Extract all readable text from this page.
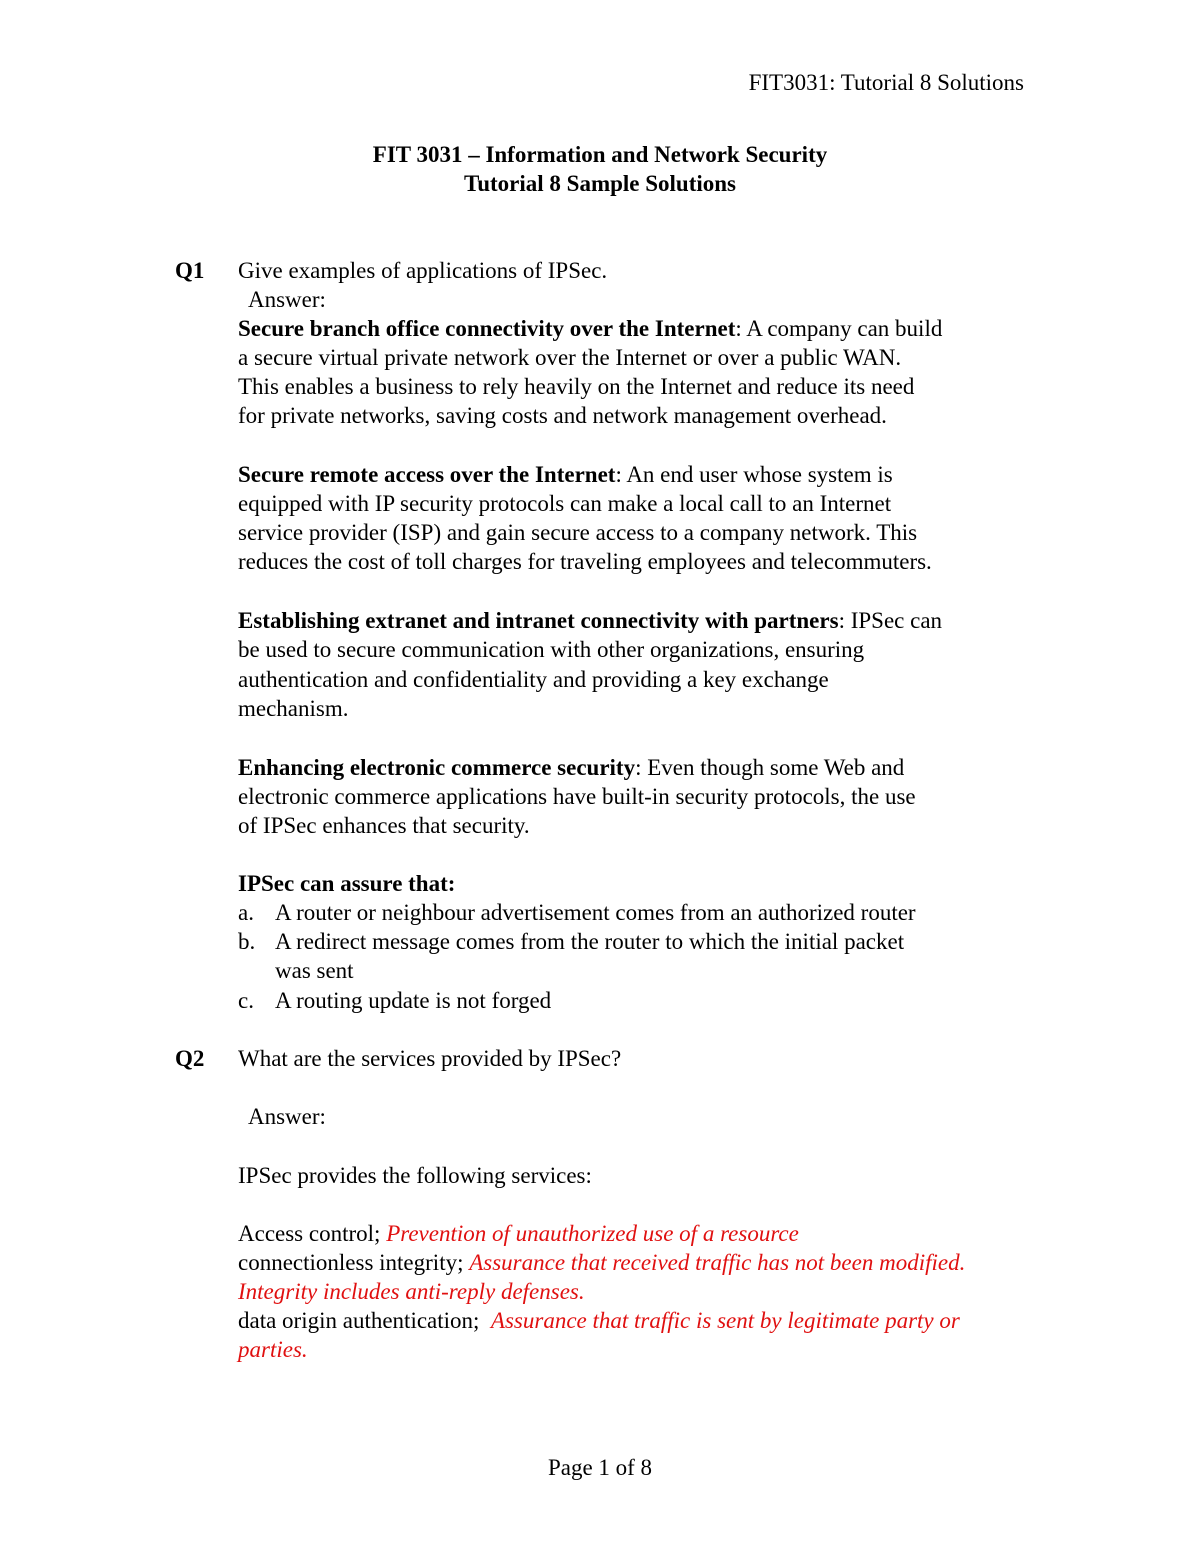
FIT3031: Tutorial 8 Solutions
FIT 3031 – Information and Network Security
Tutorial 8 Sample Solutions
Q1 Give examples of applications of IPSec.
Answer:
Secure branch office connectivity over the Internet: A company can build
a secure virtual private network over the Internet or over a public WAN.
This enables a business to rely heavily on the Internet and reduce its need
for private networks, saving costs and network management overhead.
Secure remote access over the Internet: An end user whose system is
equipped with IP security protocols can make a local call to an Internet
service provider (ISP) and gain secure access to a company network. This
reduces the cost of toll charges for traveling employees and telecommuters.
Establishing extranet and intranet connectivity with partners: IPSec can
be used to secure communication with other organizations, ensuring
authentication and confidentiality and providing a key exchange
mechanism.
Enhancing electronic commerce security: Even though some Web and
electronic commerce applications have built-in security protocols, the use
of IPSec enhances that security.
IPSec can assure that:
a. A router or neighbour advertisement comes from an authorized router
b. A redirect message comes from the router to which the initial packet
was sent
c. A routing update is not forged
Q2 What are the services provided by IPSec?
Answer:
IPSec provides the following services:
Access control; Prevention of unauthorized use of a resource
connectionless integrity; Assurance that received traffic has not been modified.
Integrity includes anti-reply defenses.
data origin authentication;  Assurance that traffic is sent by legitimate party or
parties.
Page 1 of 8
